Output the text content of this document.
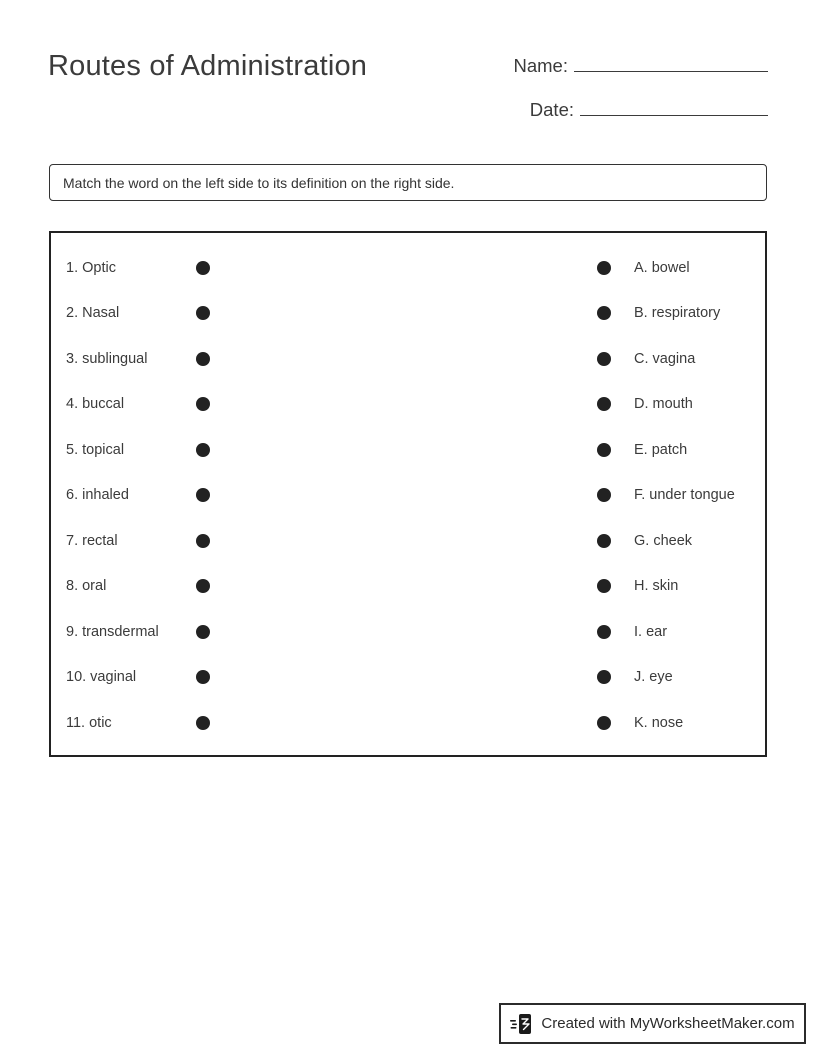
Routes of Administration	Name:
Date:
Match the word on the left side to its definition on the right side.
1. Optic	A. bowel
2. Nasal	B. respiratory
3. sublingual	C. vagina
4. buccal	D. mouth
5. topical	E. patch
6. inhaled	F. under tongue
7. rectal	G. cheek
8. oral	H. skin
9. transdermal	I. ear
10. vaginal	J. eye
11. otic	K. nose
Created with MyWorksheetMaker.com
